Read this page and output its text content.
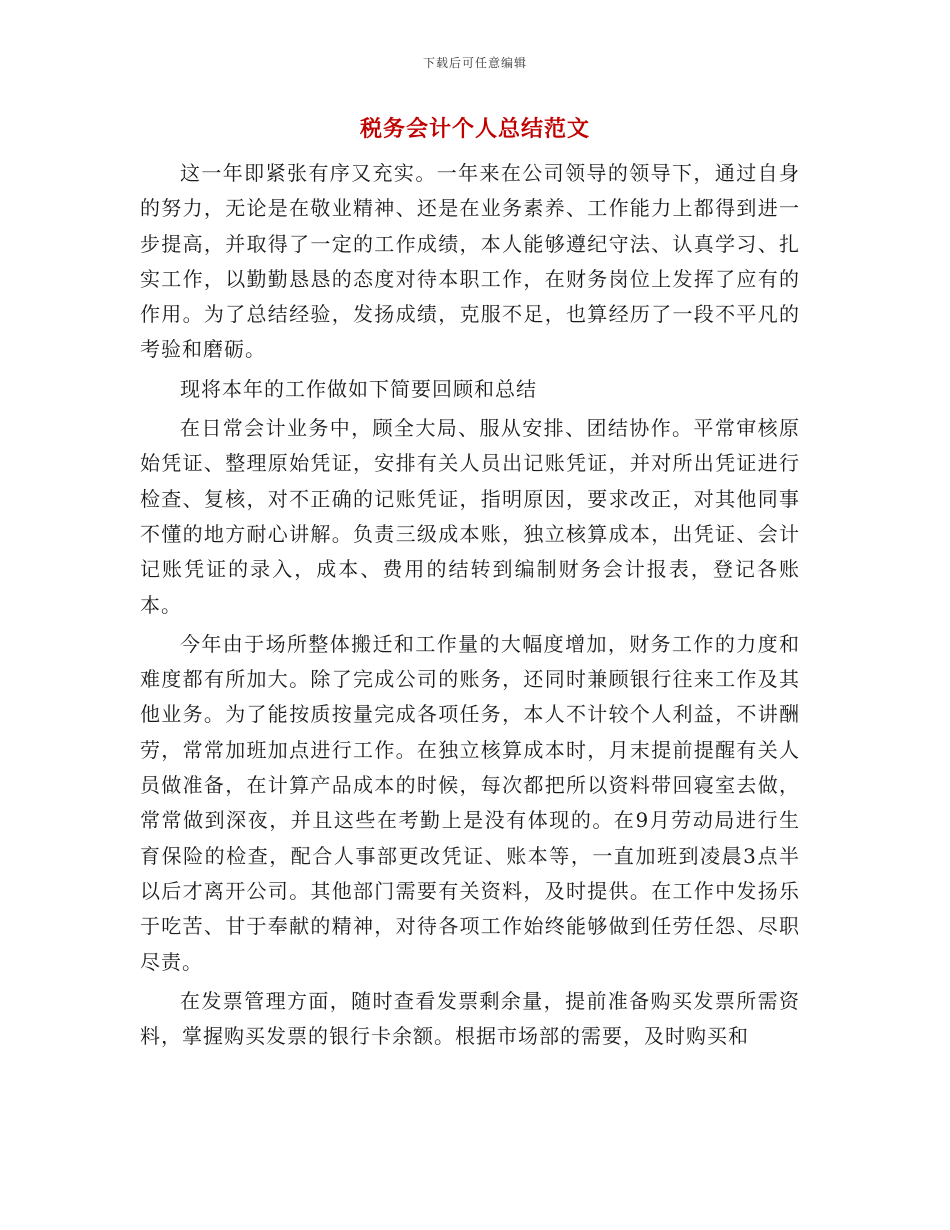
下载后可任意编辑
税务会计个人总结范文

这一年即紧张有序又充实。一年来在公司领导的领导下，通过自身的努力，无论是在敬业精神、还是在业务素养、工作能力上都得到进一步提高，并取得了一定的工作成绩，本人能够遵纪守法、认真学习、扎实工作，以勤勤恳恳的态度对待本职工作，在财务岗位上发挥了应有的作用。为了总结经验，发扬成绩，克服不足，也算经历了一段不平凡的考验和磨砺。

现将本年的工作做如下简要回顾和总结

在日常会计业务中，顾全大局、服从安排、团结协作。平常审核原始凭证、整理原始凭证，安排有关人员出记账凭证，并对所出凭证进行检查、复核，对不正确的记账凭证，指明原因，要求改正，对其他同事不懂的地方耐心讲解。负责三级成本账，独立核算成本，出凭证、会计记账凭证的录入，成本、费用的结转到编制财务会计报表，登记各账本。

今年由于场所整体搬迁和工作量的大幅度增加，财务工作的力度和难度都有所加大。除了完成公司的账务，还同时兼顾银行往来工作及其他业务。为了能按质按量完成各项任务，本人不计较个人利益，不讲酬劳，常常加班加点进行工作。在独立核算成本时，月末提前提醒有关人员做准备，在计算产品成本的时候，每次都把所以资料带回寝室去做，常常做到深夜，并且这些在考勤上是没有体现的。在9月劳动局进行生育保险的检查，配合人事部更改凭证、账本等，一直加班到凌晨3点半以后才离开公司。其他部门需要有关资料，及时提供。在工作中发扬乐于吃苦、甘于奉献的精神，对待各项工作始终能够做到任劳任怨、尽职尽责。

在发票管理方面，随时查看发票剩余量，提前准备购买发票所需资料，掌握购买发票的银行卡余额。根据市场部的需要，及时购买和
